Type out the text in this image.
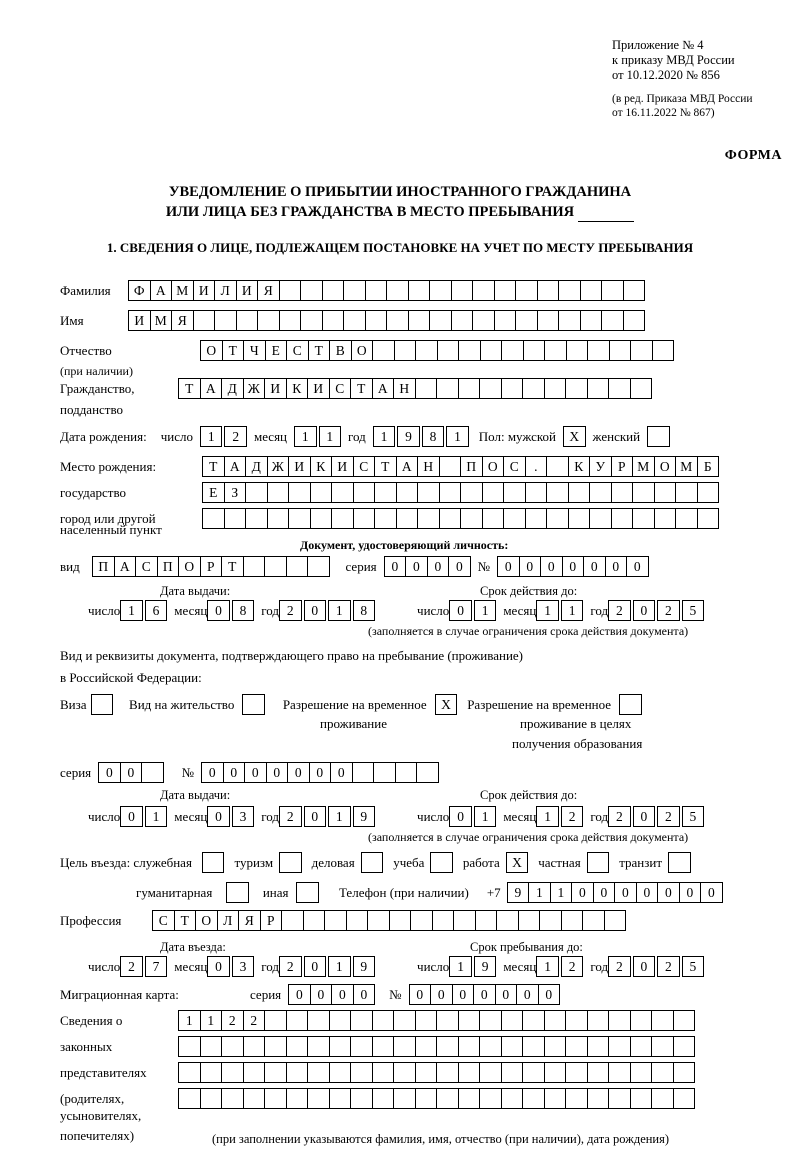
Приложение № 4
к приказу МВД России
от 10.12.2020 № 856
(в ред. Приказа МВД России
от 16.11.2022 № 867)
ФОРМА
УВЕДОМЛЕНИЕ О ПРИБЫТИИ ИНОСТРАННОГО ГРАЖДАНИНА
ИЛИ ЛИЦА БЕЗ ГРАЖДАНСТВА В МЕСТО ПРЕБЫВАНИЯ
1. СВЕДЕНИЯ О ЛИЦЕ, ПОДЛЕЖАЩЕМ ПОСТАНОВКЕ НА УЧЕТ ПО МЕСТУ ПРЕБЫВАНИЯ
Фамилия	Ф А М И Л И Я
Имя	И М Я
Отчество	О Т Ч Е С Т В О
(при наличии)
Гражданство,	Т А Д Ж И К И С Т А Н
подданство
Дата рождения: число	1	2	месяц	1	1	год	1	9	8	1	Пол: мужской X	женский
Место рождения:	Т А Д Ж И К И С Т А Н	П О С	.	К У Р М О М Б
государство	Е	З
город или другой
населенный пункт
Документ, удостоверяющий личность:
вид	П А С П О Р	Т	серия	0	0	0	0	№	0	0	0	0	0	0	0
Дата выдачи:	Срок действия до:
число 1	6	месяц 0	8	год 2	0	1	8	число 0	1	месяц 1	1	год 2	0	2	5
(заполняется в случае ограничения срока действия документа)
Вид и реквизиты документа, подтверждающего право на пребывание (проживание)
в Российской Федерации:
Виза	Вид на жительство	Разрешение на временное	X	Разрешение на временное
проживание	проживание в целях
получения образования
серия	0	0	№	0	0	0	0	0	0	0
Дата выдачи:	Срок действия до:
число 0	1	месяц 0	3	год 2	0	1	9	число 0	1	месяц 1	2	год 2	0	2	5
(заполняется в случае ограничения срока действия документа)
Цель въезда: служебная	туризм	деловая	учеба	работа X	частная	транзит
гуманитарная	иная	Телефон (при наличии) +7	9	1	1	0	0	0	0	0	0	0
Профессия	С Т О Л Я Р
Дата въезда:	Срок пребывания до:
число 2	7	месяц 0	3	год 2	0	1	9	число 1	9	месяц 1	2	год 2	0	2	5
Миграционная карта:	серия	0	0	0	0	№	0	0	0	0	0	0	0
Сведения о	1	1	2	2
законных
представителях
(родителях,
усыновителях,
попечителях)	(при заполнении указываются фамилия, имя, отчество (при наличии), дата рождения)
